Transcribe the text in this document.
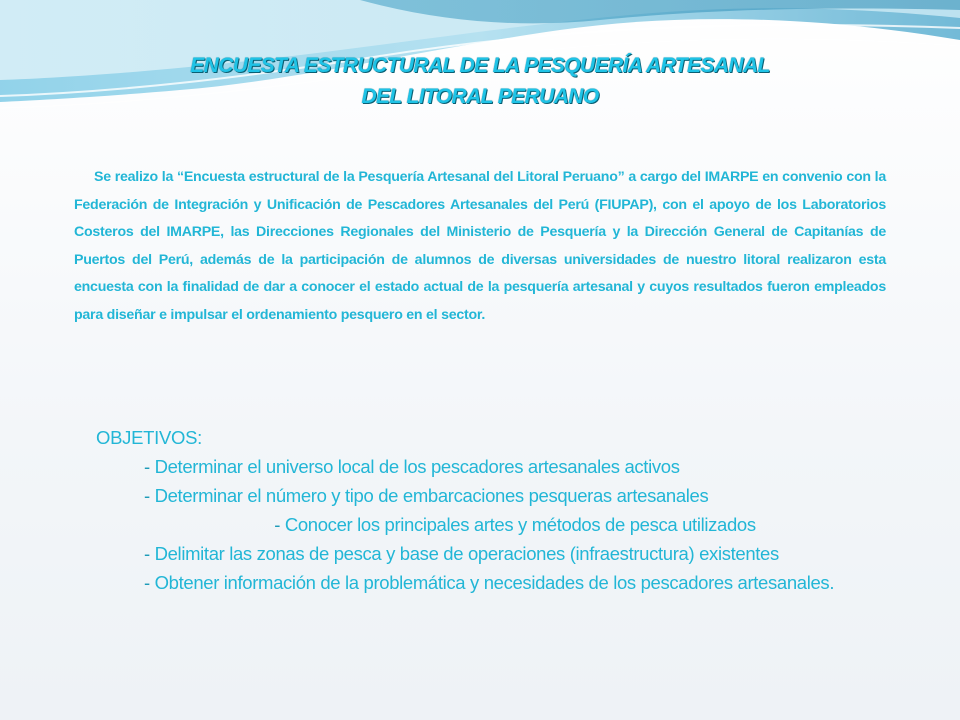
ENCUESTA ESTRUCTURAL DE LA PESQUERÍA ARTESANAL
DEL LITORAL PERUANO

Se realizo la “Encuesta estructural de la Pesquería Artesanal del Litoral Peruano” a cargo del IMARPE en convenio con la Federación de Integración y Unificación de Pescadores Artesanales del Perú (FIUPAP), con el apoyo de los Laboratorios Costeros del IMARPE, las Direcciones Regionales del Ministerio de Pesquería y la Dirección General de Capitanías de Puertos del Perú, además de la participación de alumnos de diversas universidades de nuestro litoral realizaron esta encuesta con la finalidad de dar a conocer el estado actual de la pesquería artesanal y cuyos resultados fueron empleados para diseñar e impulsar el ordenamiento pesquero en el sector.

OBJETIVOS:
- Determinar el universo local de los pescadores artesanales activos
- Determinar el número y tipo de embarcaciones pesqueras artesanales
- Conocer los principales artes y métodos de pesca utilizados
- Delimitar las zonas de pesca y base de operaciones (infraestructura) existentes
- Obtener información de la problemática y necesidades de los pescadores artesanales.
